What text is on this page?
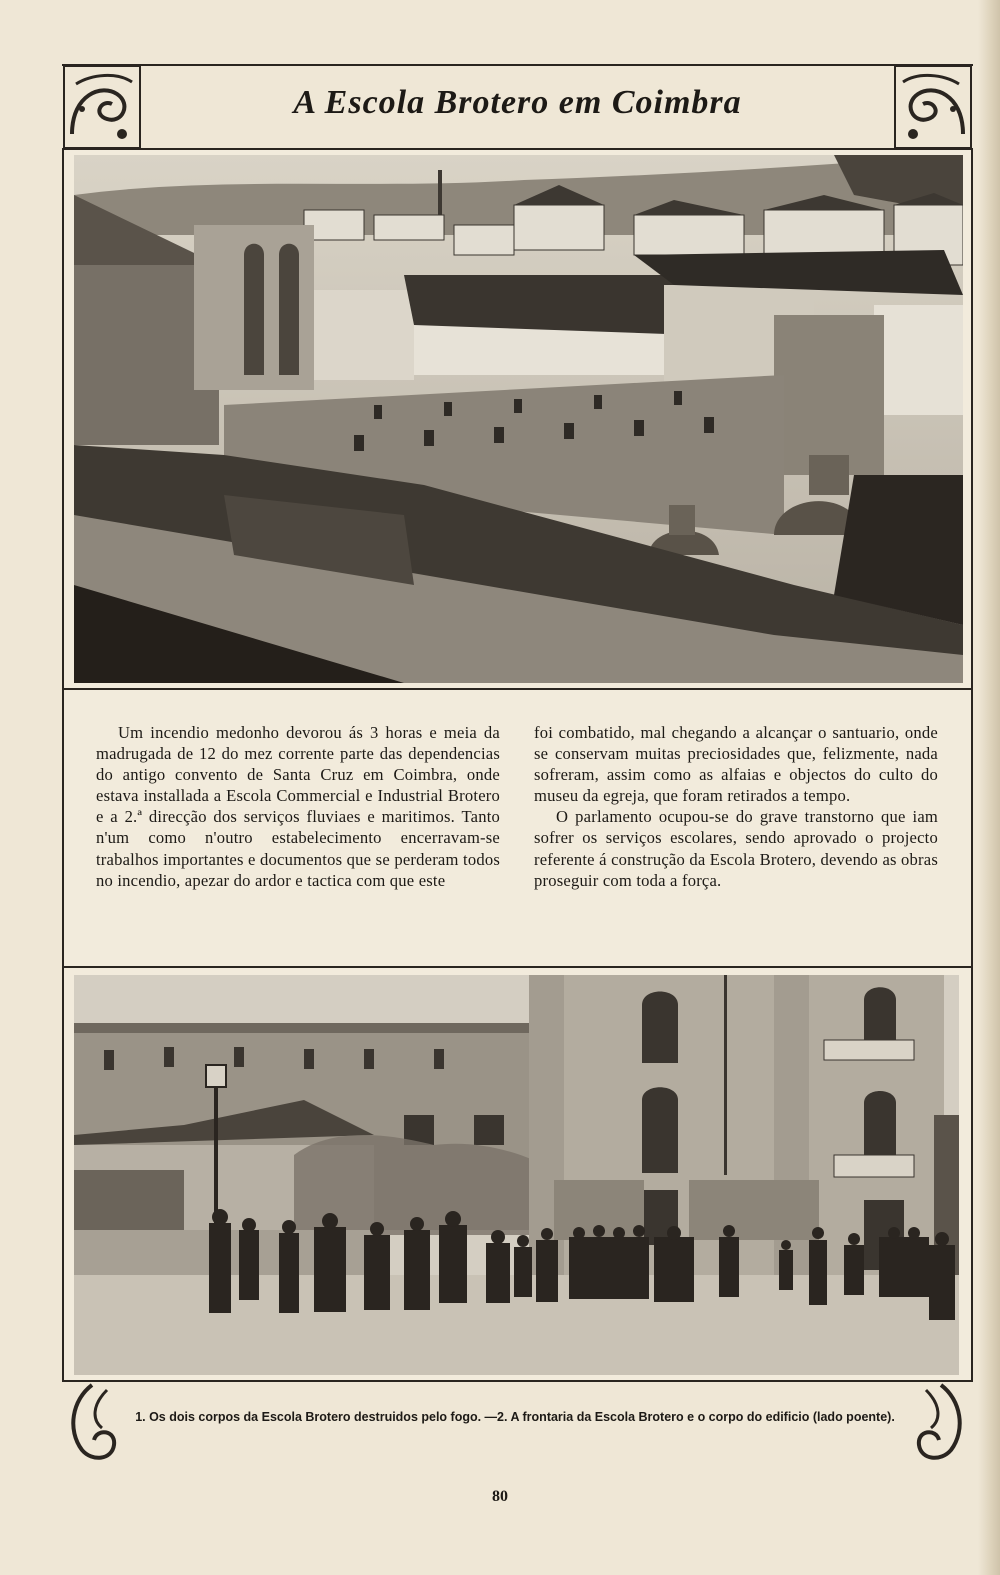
A Escola Brotero em Coimbra

Um incendio medonho devorou ás 3 horas e meia da madrugada de 12 do mez corrente parte das dependencias do antigo convento de Santa Cruz em Coimbra, onde estava installada a Escola Commercial e Industrial Brotero e a 2.ª direcção dos serviços fluviaes e maritimos. Tanto n'um como n'outro estabelecimento encerravam-se trabalhos importantes e documentos que se perderam todos no incendio, apezar do ardor e tactica com que este

foi combatido, mal chegando a alcançar o santuario, onde se conservam muitas preciosidades que, felizmente, nada sofreram, assim como as alfaias e objectos do culto do museu da egreja, que foram retirados a tempo.

O parlamento ocupou-se do grave transtorno que iam sofrer os serviços escolares, sendo aprovado o projecto referente á construção da Escola Brotero, devendo as obras proseguir com toda a força.

1. Os dois corpos da Escola Brotero destruidos pelo fogo. —2. A frontaria da Escola Brotero e o corpo do edificio (lado poente).
80
